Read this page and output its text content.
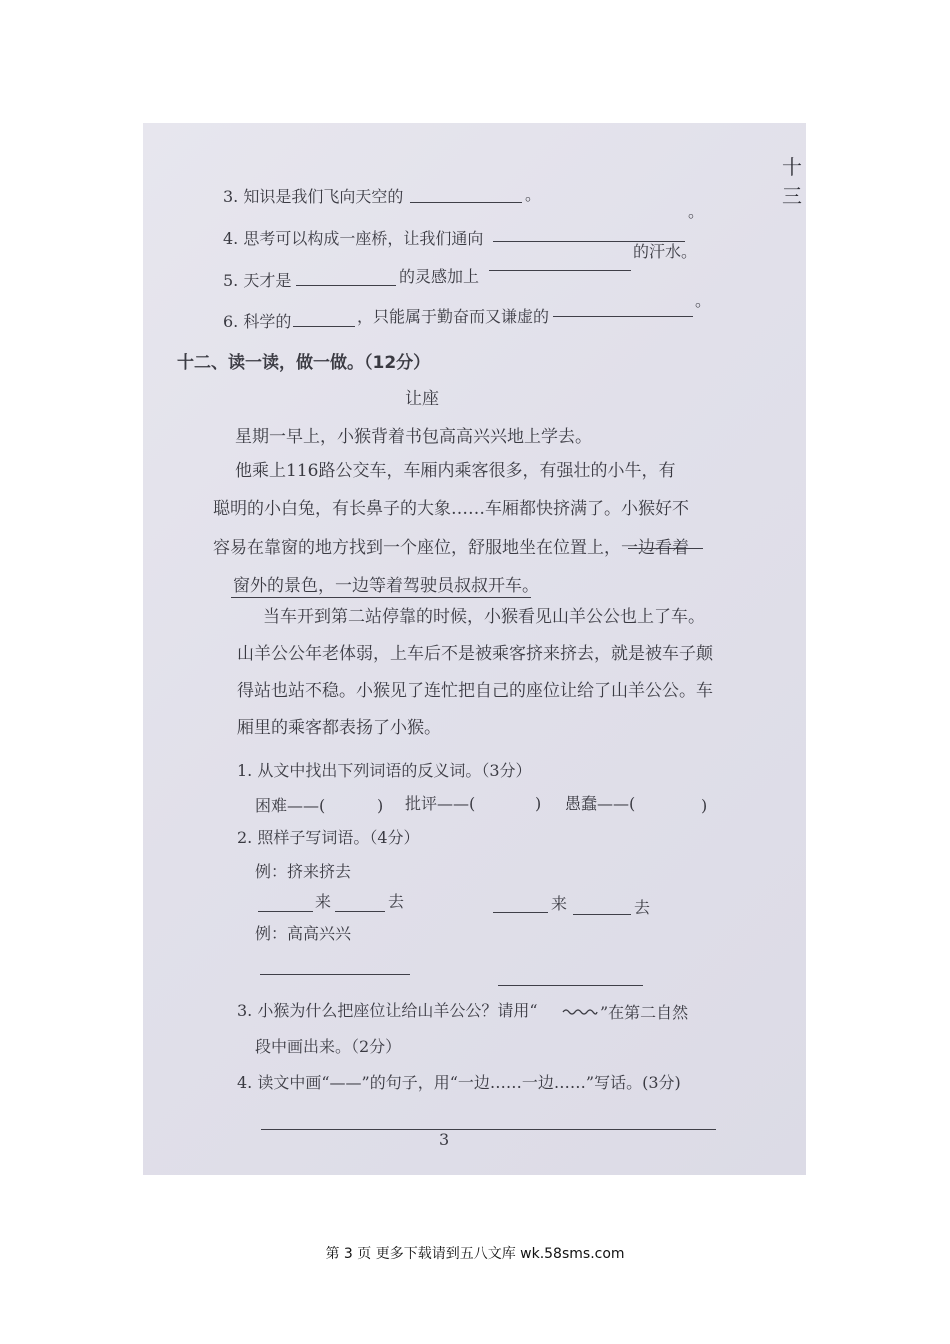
十三
3. 知识是我们飞向天空的	。
4. 思考可以构成一座桥，让我们通向
。
5. 天才是	的灵感加上
的汗水。
6. 科学的	，只能属于勤奋而又谦虚的
。
十二、读一读，做一做。（12分）
让座
星期一早上，小猴背着书包高高兴兴地上学去。
他乘上116路公交车，车厢内乘客很多，有强壮的小牛，有
聪明的小白兔，有长鼻子的大象……车厢都快挤满了。小猴好不
容易在靠窗的地方找到一个座位，舒服地坐在位置上，一边看着
窗外的景色，一边等着驾驶员叔叔开车。
当车开到第二站停靠的时候，小猴看见山羊公公也上了车。
山羊公公年老体弱，上车后不是被乘客挤来挤去，就是被车子颠
得站也站不稳。小猴见了连忙把自己的座位让给了山羊公公。车
厢里的乘客都表扬了小猴。
1. 从文中找出下列词语的反义词。（3分）
困难——(	) 批评——(	) 愚蠢——(	)
2. 照样子写词语。（4分）
例：挤来挤去
来	去	来	去
例：高高兴兴
3. 小猴为什么把座位让给山羊公公？请用“	”在第二自然
段中画出来。（2分）
4. 读文中画“——”的句子，用“一边……一边……”写话。(3分)
3
第 3 页 更多下载请到五八文库 wk.58sms.com
